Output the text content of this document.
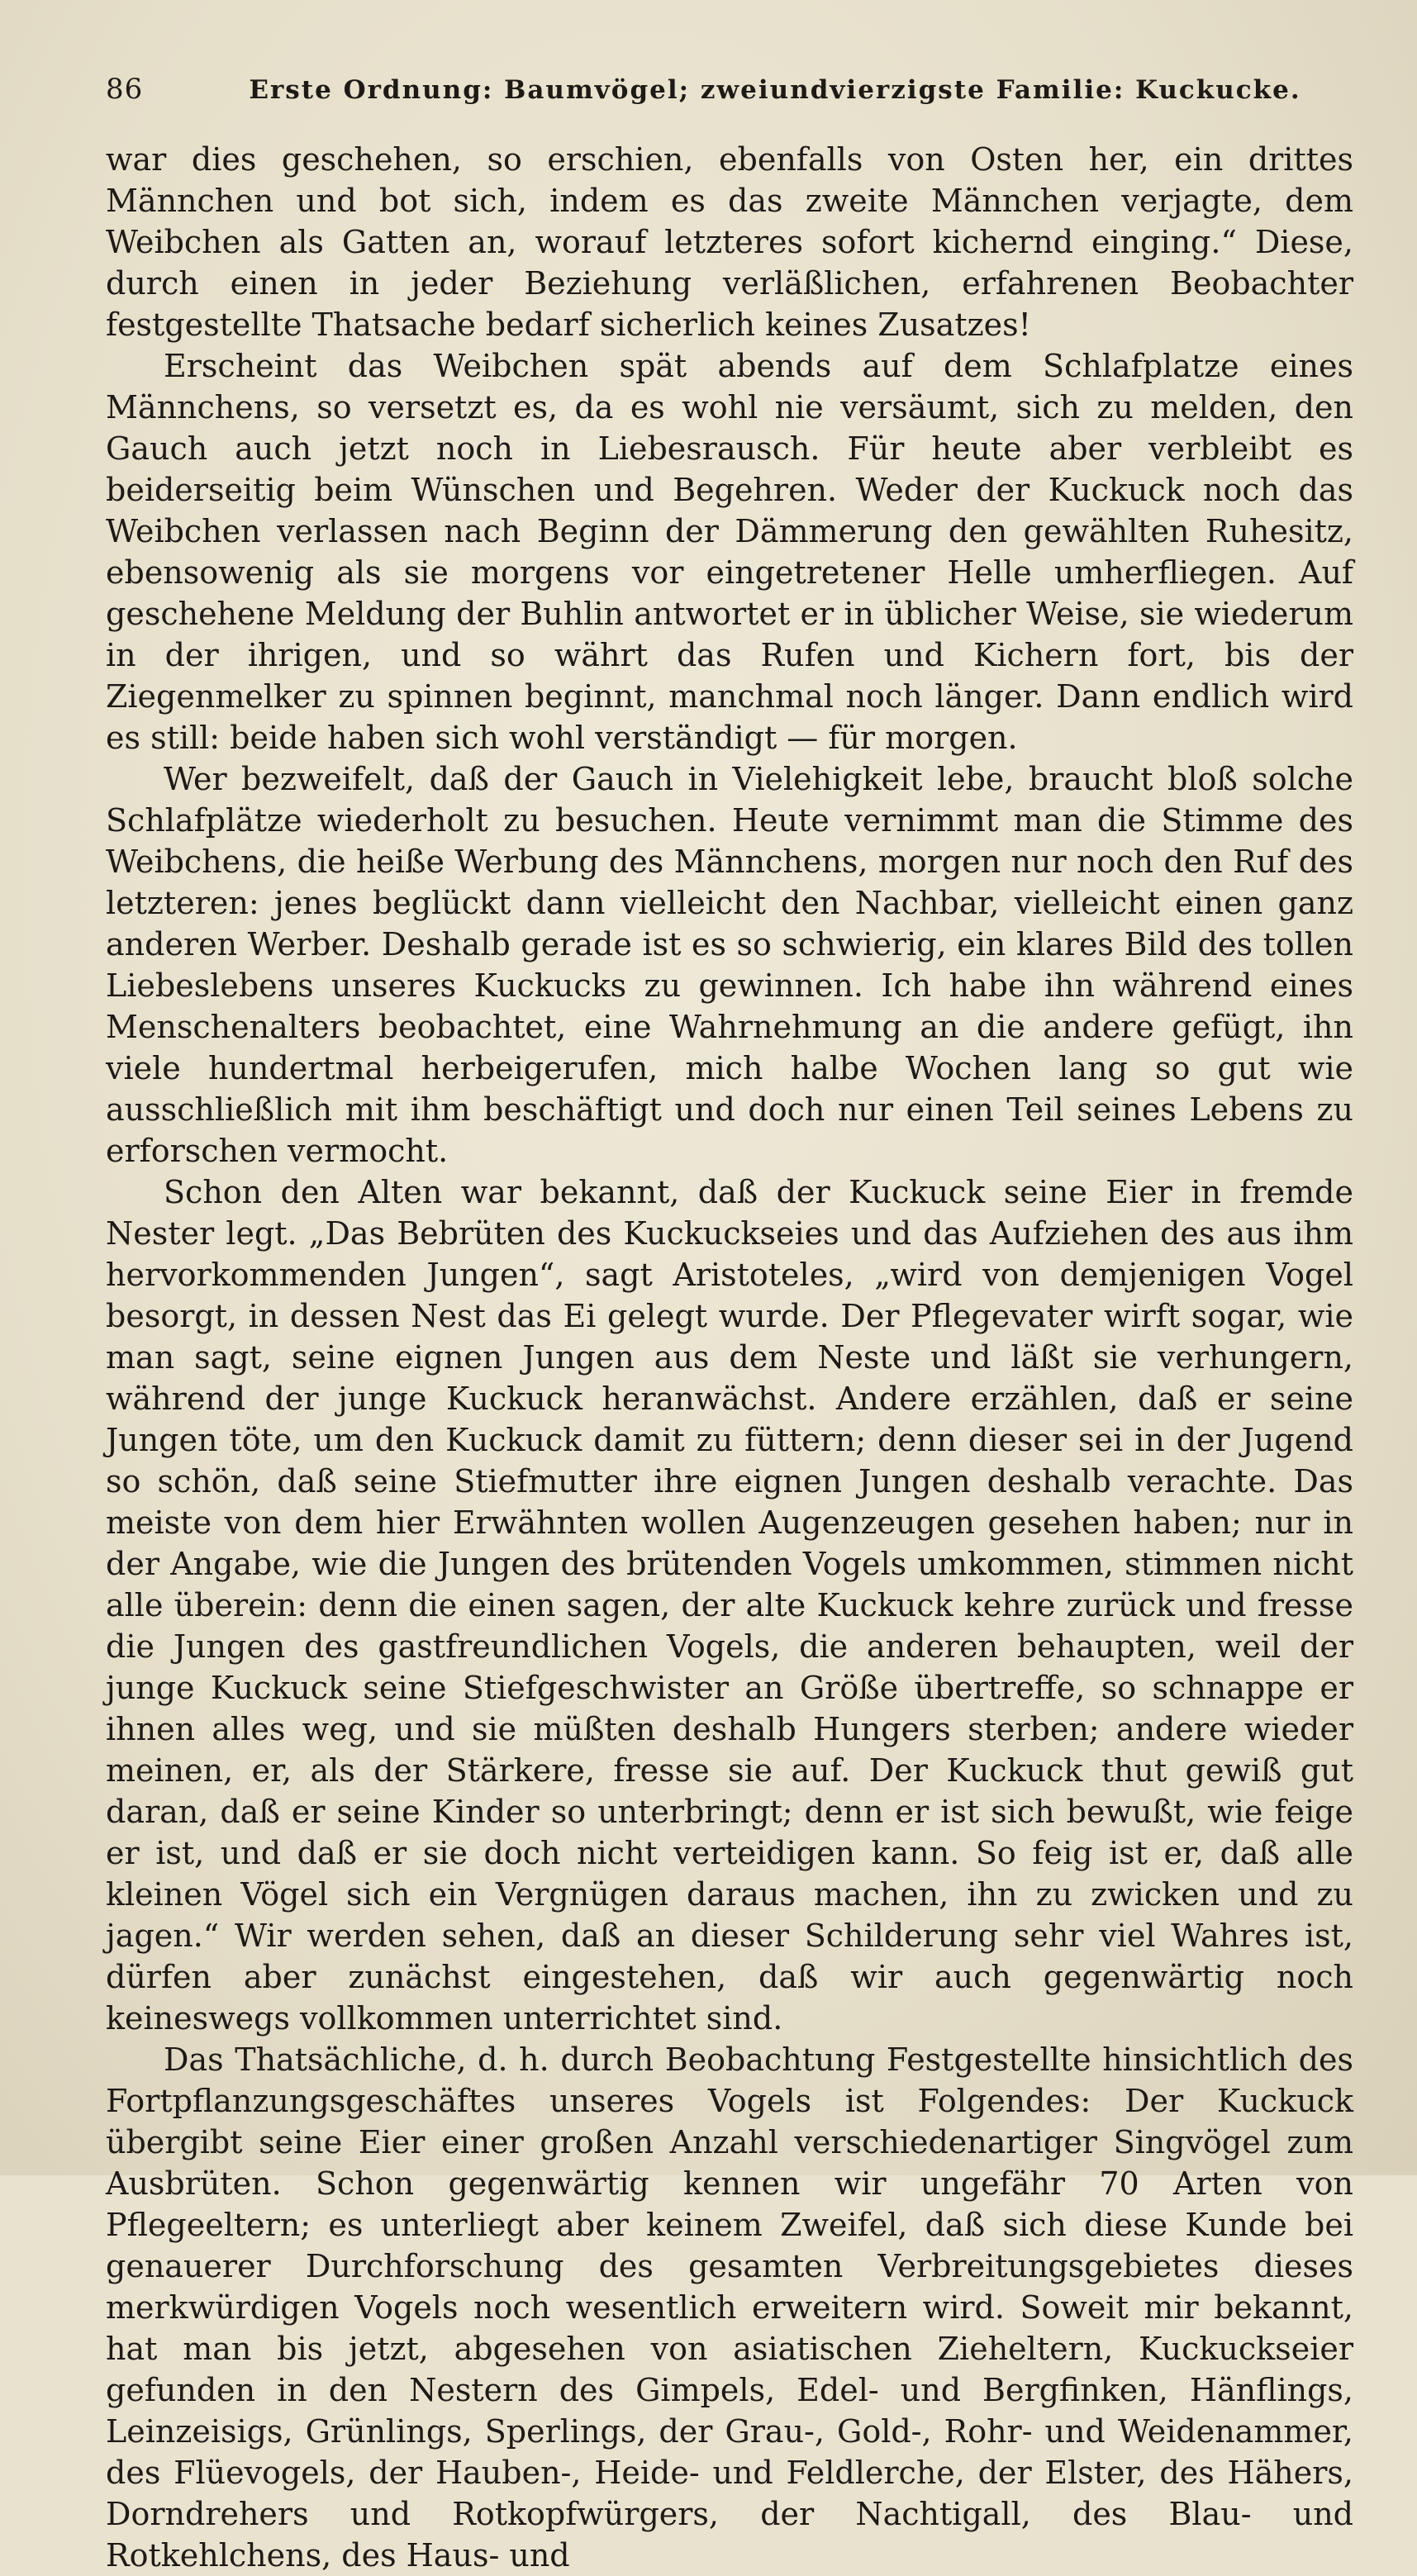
86	Erste Ordnung: Baumvögel; zweiundvierzigste Familie: Kuckucke.

war dies geschehen, so erschien, ebenfalls von Osten her, ein drittes Männchen und bot sich, indem es das zweite Männchen verjagte, dem Weibchen als Gatten an, worauf letzteres sofort kichernd einging.“ Diese, durch einen in jeder Beziehung verläßlichen, erfahrenen Beobachter festgestellte Thatsache bedarf sicherlich keines Zusatzes!

Erscheint das Weibchen spät abends auf dem Schlafplatze eines Männchens, so versetzt es, da es wohl nie versäumt, sich zu melden, den Gauch auch jetzt noch in Liebesrausch. Für heute aber verbleibt es beiderseitig beim Wünschen und Begehren. Weder der Kuckuck noch das Weibchen verlassen nach Beginn der Dämmerung den gewählten Ruhesitz, ebensowenig als sie morgens vor eingetretener Helle umherfliegen. Auf geschehene Meldung der Buhlin antwortet er in üblicher Weise, sie wiederum in der ihrigen, und so währt das Rufen und Kichern fort, bis der Ziegenmelker zu spinnen beginnt, manchmal noch länger. Dann endlich wird es still: beide haben sich wohl verständigt — für morgen.

Wer bezweifelt, daß der Gauch in Vielehigkeit lebe, braucht bloß solche Schlafplätze wiederholt zu besuchen. Heute vernimmt man die Stimme des Weibchens, die heiße Werbung des Männchens, morgen nur noch den Ruf des letzteren: jenes beglückt dann vielleicht den Nachbar, vielleicht einen ganz anderen Werber. Deshalb gerade ist es so schwierig, ein klares Bild des tollen Liebeslebens unseres Kuckucks zu gewinnen. Ich habe ihn während eines Menschenalters beobachtet, eine Wahrnehmung an die andere gefügt, ihn viele hundertmal herbeigerufen, mich halbe Wochen lang so gut wie ausschließlich mit ihm beschäftigt und doch nur einen Teil seines Lebens zu erforschen vermocht.

Schon den Alten war bekannt, daß der Kuckuck seine Eier in fremde Nester legt. „Das Bebrüten des Kuckuckseies und das Aufziehen des aus ihm hervorkommenden Jungen“, sagt Aristoteles, „wird von demjenigen Vogel besorgt, in dessen Nest das Ei gelegt wurde. Der Pflegevater wirft sogar, wie man sagt, seine eignen Jungen aus dem Neste und läßt sie verhungern, während der junge Kuckuck heranwächst. Andere erzählen, daß er seine Jungen töte, um den Kuckuck damit zu füttern; denn dieser sei in der Jugend so schön, daß seine Stiefmutter ihre eignen Jungen deshalb verachte. Das meiste von dem hier Erwähnten wollen Augenzeugen gesehen haben; nur in der Angabe, wie die Jungen des brütenden Vogels umkommen, stimmen nicht alle überein: denn die einen sagen, der alte Kuckuck kehre zurück und fresse die Jungen des gastfreundlichen Vogels, die anderen behaupten, weil der junge Kuckuck seine Stiefgeschwister an Größe übertreffe, so schnappe er ihnen alles weg, und sie müßten deshalb Hungers sterben; andere wieder meinen, er, als der Stärkere, fresse sie auf. Der Kuckuck thut gewiß gut daran, daß er seine Kinder so unterbringt; denn er ist sich bewußt, wie feige er ist, und daß er sie doch nicht verteidigen kann. So feig ist er, daß alle kleinen Vögel sich ein Vergnügen daraus machen, ihn zu zwicken und zu jagen.“ Wir werden sehen, daß an dieser Schilderung sehr viel Wahres ist, dürfen aber zunächst eingestehen, daß wir auch gegenwärtig noch keineswegs vollkommen unterrichtet sind.

Das Thatsächliche, d. h. durch Beobachtung Festgestellte hinsichtlich des Fortpflanzungsgeschäftes unseres Vogels ist Folgendes: Der Kuckuck übergibt seine Eier einer großen Anzahl verschiedenartiger Singvögel zum Ausbrüten. Schon gegenwärtig kennen wir ungefähr 70 Arten von Pflegeeltern; es unterliegt aber keinem Zweifel, daß sich diese Kunde bei genauerer Durchforschung des gesamten Verbreitungsgebietes dieses merkwürdigen Vogels noch wesentlich erweitern wird. Soweit mir bekannt, hat man bis jetzt, abgesehen von asiatischen Zieheltern, Kuckuckseier gefunden in den Nestern des Gimpels, Edel- und Bergfinken, Hänflings, Leinzeisigs, Grünlings, Sperlings, der Grau-, Gold-, Rohr- und Weidenammer, des Flüevogels, der Hauben-, Heide- und Feldlerche, der Elster, des Hähers, Dorndrehers und Rotkopfwürgers, der Nachtigall, des Blau- und Rotkehlchens, des Haus- und
